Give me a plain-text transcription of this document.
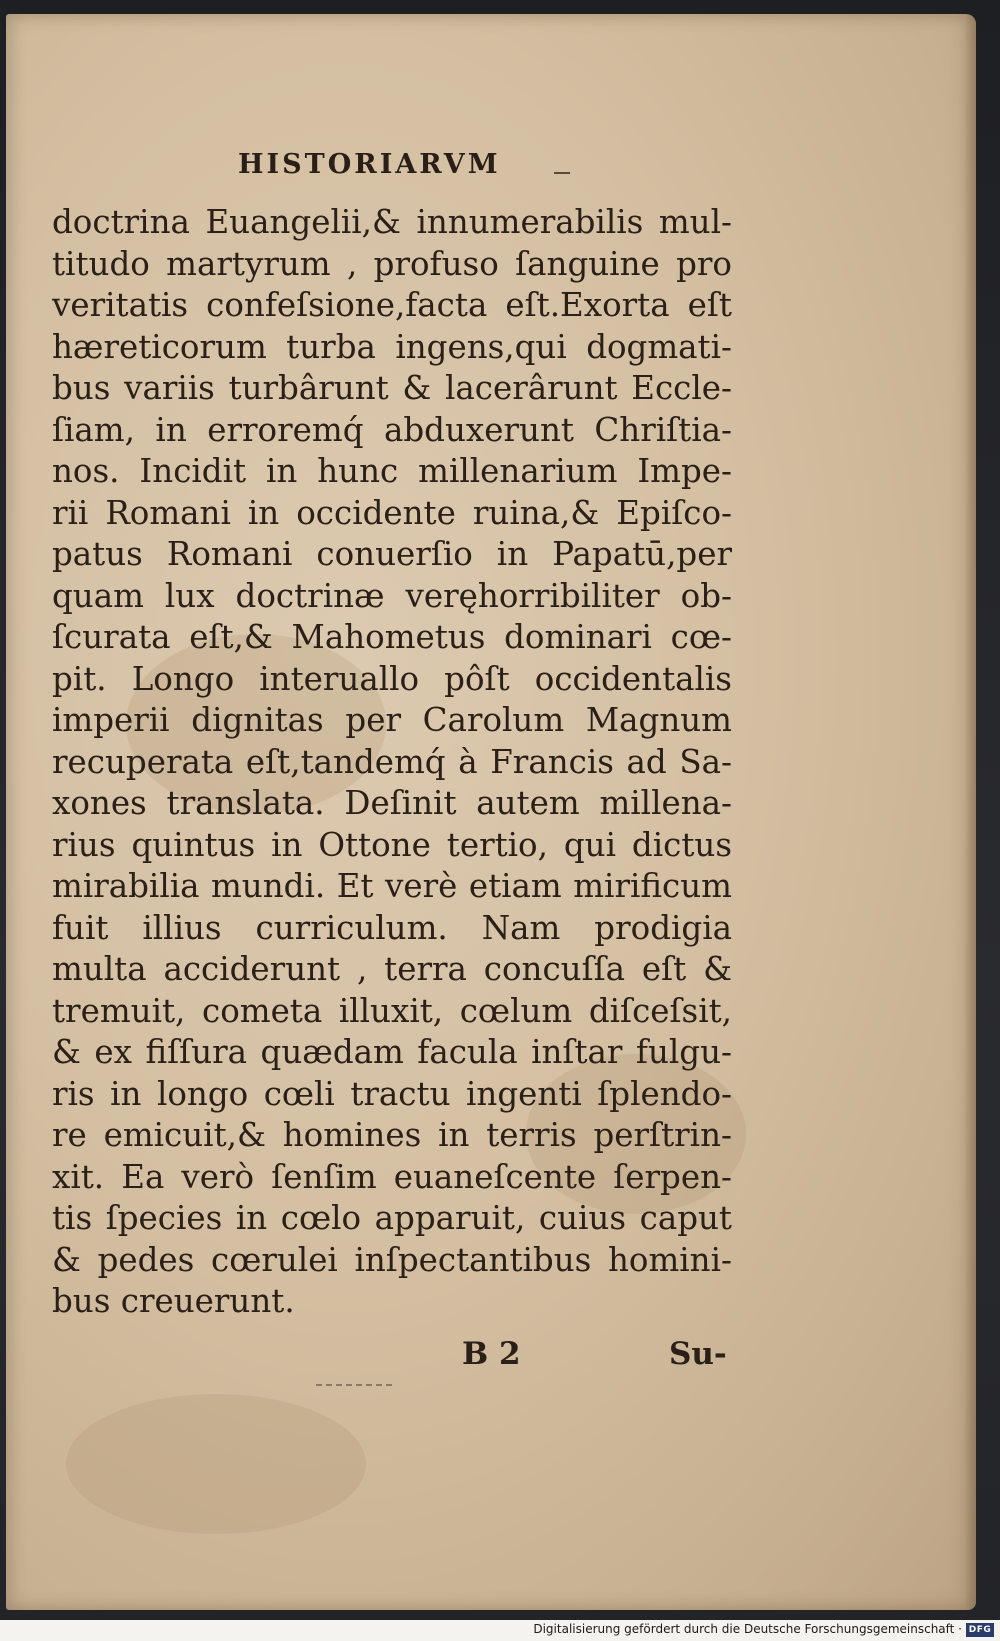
HISTORIARVM
doctrina Euangelii,& innumerabilis mul-
titudo martyrum , profuso ſanguine pro
veritatis confeſsione,facta eſt.Exorta eſt
hæreticorum turba ingens,qui dogmati-
bus variis turbârunt & lacerârunt Eccle-
ſiam, in erroremq́ abduxerunt Chriſtia-
nos. Incidit in hunc millenarium Impe-
rii Romani in occidente ruina,& Epiſco-
patus Romani conuerſio in Papatū,per
quam lux doctrinæ veręhorribiliter ob-
ſcurata eſt,& Mahometus dominari cœ-
pit. Longo interuallo pôſt occidentalis
imperii dignitas per Carolum Magnum
recuperata eſt,tandemq́ à Francis ad Sa-
xones translata. Deſinit autem millena-
rius quintus in Ottone tertio, qui dictus
mirabilia mundi. Et verè etiam mirificum
fuit illius curriculum. Nam prodigia
multa acciderunt , terra concuſſa eſt &
tremuit, cometa illuxit, cœlum diſceſsit,
& ex fiſſura quædam facula inſtar fulgu-
ris in longo cœli tractu ingenti ſplendo-
re emicuit,& homines in terris perſtrin-
xit. Ea verò ſenſim euaneſcente ſerpen-
tis ſpecies in cœlo apparuit, cuius caput
& pedes cœrulei inſpectantibus homini-
bus creuerunt.
B 2	Su-
Digitalisierung gefördert durch die Deutsche Forschungsgemeinschaft · DFG
